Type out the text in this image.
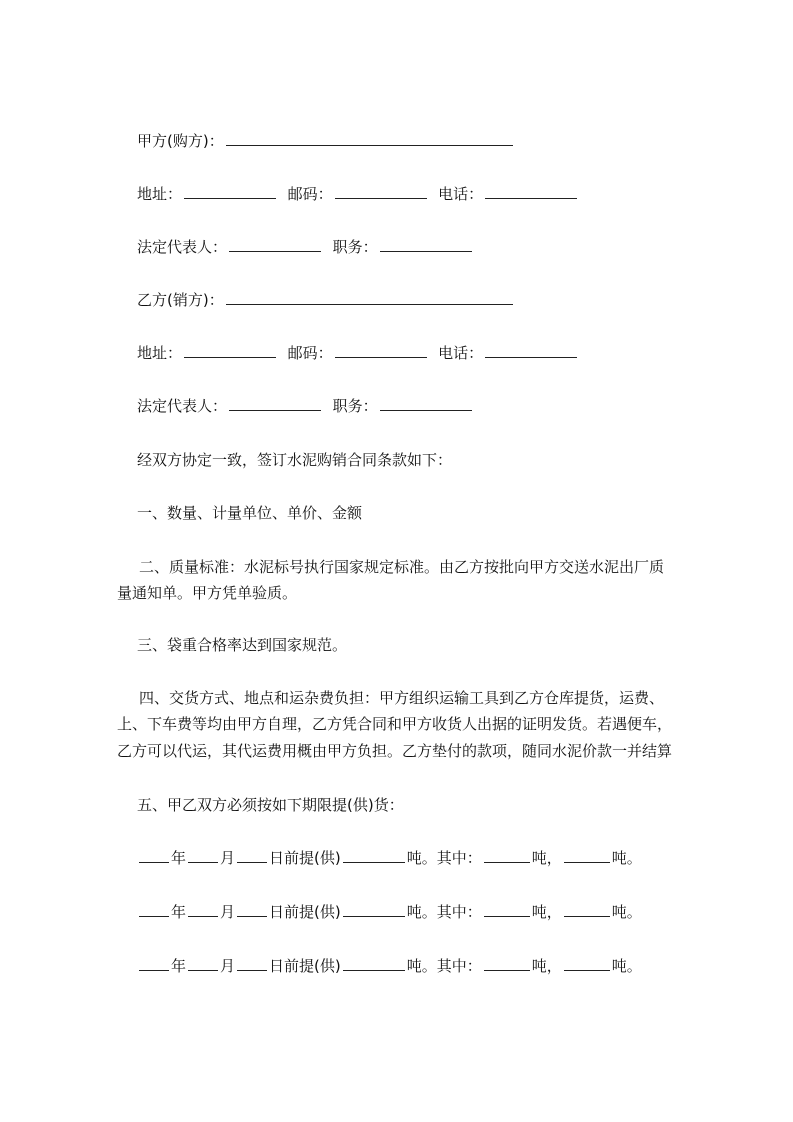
甲方(购方)：
地址：	邮码：	电话：
法定代表人：	职务：
乙方(销方)：
地址：	邮码：	电话：
法定代表人：	职务：
经双方协定一致，签订水泥购销合同条款如下：
一、数量、计量单位、单价、金额
二、质量标准：水泥标号执行国家规定标准。由乙方按批向甲方交送水泥出厂质
量通知单。甲方凭单验质。
三、袋重合格率达到国家规范。
四、交货方式、地点和运杂费负担：甲方组织运输工具到乙方仓库提货，运费、
上、下车费等均由甲方自理，乙方凭合同和甲方收货人出据的证明发货。若遇便车，
乙方可以代运，其代运费用概由甲方负担。乙方垫付的款项，随同水泥价款一并结算
五、甲乙双方必须按如下期限提(供)货：
年 月 日前提(供)	吨。其中：	吨，	吨。
年 月 日前提(供)	吨。其中：	吨，	吨。
年 月 日前提(供)	吨。其中：	吨，	吨。
